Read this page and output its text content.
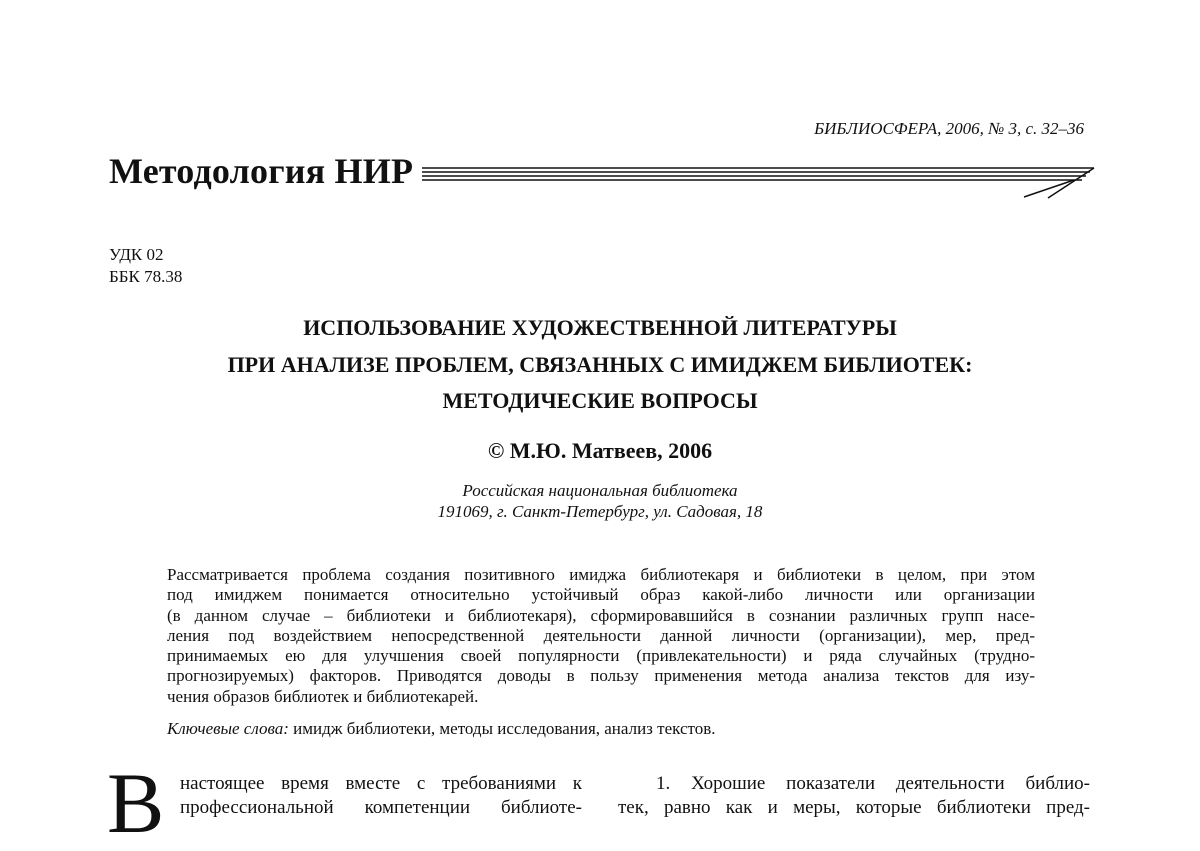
БИБЛИОСФЕРА, 2006, № 3, с. 32–36
Методология НИР
УДК 02
ББК 78.38
ИСПОЛЬЗОВАНИЕ ХУДОЖЕСТВЕННОЙ ЛИТЕРАТУРЫ
ПРИ АНАЛИЗЕ ПРОБЛЕМ, СВЯЗАННЫХ С ИМИДЖЕМ БИБЛИОТЕК:
МЕТОДИЧЕСКИЕ ВОПРОСЫ
© М.Ю. Матвеев, 2006
Российская национальная библиотека
191069, г. Санкт-Петербург, ул. Садовая, 18
Рассматривается проблема создания позитивного имиджа библиотекаря и библиотеки в целом, при этом
под имиджем понимается относительно устойчивый образ какой-либо личности или организации
(в данном случае – библиотеки и библиотекаря), сформировавшийся в сознании различных групп насе-
ления под воздействием непосредственной деятельности данной личности (организации), мер, пред-
принимаемых ею для улучшения своей популярности (привлекательности) и ряда случайных (трудно-
прогнозируемых) факторов. Приводятся доводы в пользу применения метода анализа текстов для изу-
чения образов библиотек и библиотекарей.
Ключевые слова: имидж библиотеки, методы исследования, анализ текстов.
В настоящее время вместе с требованиями к
профессиональной компетенции библиоте-
1. Хорошие показатели деятельности библио-
тек, равно как и меры, которые библиотеки пред-
